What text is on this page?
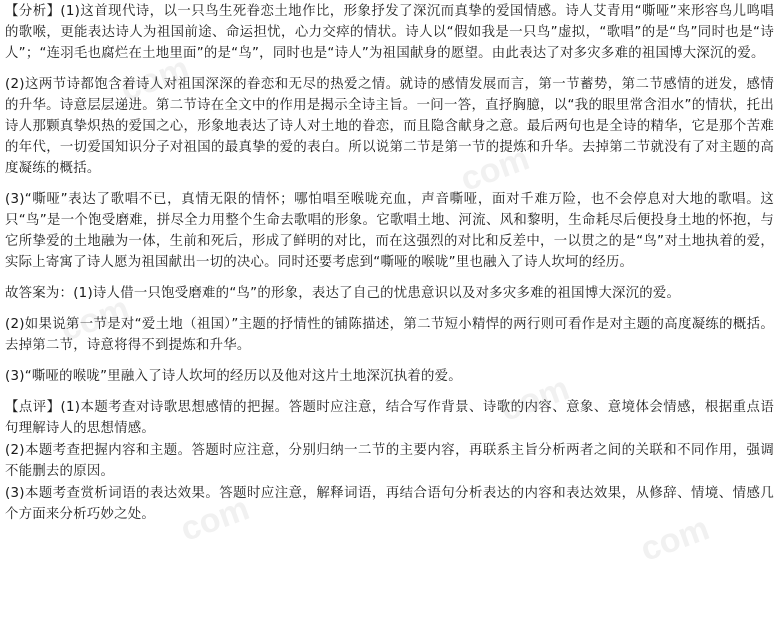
com
com
com
com
com	com

【分析】(1)这首现代诗，以一只鸟生死眷恋土地作比，形象抒发了深沉而真挚的爱国情感。诗人艾青用“嘶哑”来形容鸟儿鸣唱的歌喉，更能表达诗人为祖国前途、命运担忧，心力交瘁的情状。诗人以“假如我是一只鸟”虚拟，“歌唱”的是“鸟”同时也是“诗人”；“连羽毛也腐烂在土地里面”的是“鸟”，同时也是“诗人”为祖国献身的愿望。由此表达了对多灾多难的祖国博大深沉的爱。

(2)这两节诗都饱含着诗人对祖国深深的眷恋和无尽的热爱之情。就诗的感情发展而言，第一节蓄势，第二节感情的迸发，感情的升华。诗意层层递进。第二节诗在全文中的作用是揭示全诗主旨。一问一答，直抒胸臆，以“我的眼里常含泪水”的情状，托出诗人那颗真挚炽热的爱国之心，形象地表达了诗人对土地的眷恋，而且隐含献身之意。最后两句也是全诗的精华，它是那个苦难的年代，一切爱国知识分子对祖国的最真挚的爱的表白。所以说第二节是第一节的提炼和升华。去掉第二节就没有了对主题的高度凝练的概括。

(3)“嘶哑”表达了歌唱不已，真情无限的情怀；哪怕唱至喉咙充血，声音嘶哑，面对千难万险，也不会停息对大地的歌唱。这只“鸟”是一个饱受磨难，拼尽全力用整个生命去歌唱的形象。它歌唱土地、河流、风和黎明，生命耗尽后便投身土地的怀抱，与它所挚爱的土地融为一体，生前和死后，形成了鲜明的对比，而在这强烈的对比和反差中，一以贯之的是“鸟”对土地执着的爱，实际上寄寓了诗人愿为祖国献出一切的决心。同时还要考虑到“嘶哑的喉咙”里也融入了诗人坎坷的经历。

故答案为：(1)诗人借一只饱受磨难的“鸟”的形象，表达了自己的忧患意识以及对多灾多难的祖国博大深沉的爱。

(2)如果说第一节是对“爱土地（祖国）”主题的抒情性的铺陈描述，第二节短小精悍的两行则可看作是对主题的高度凝练的概括。去掉第二节，诗意将得不到提炼和升华。

(3)“嘶哑的喉咙”里融入了诗人坎坷的经历以及他对这片土地深沉执着的爱。

【点评】(1)本题考查对诗歌思想感情的把握。答题时应注意，结合写作背景、诗歌的内容、意象、意境体会情感，根据重点语句理解诗人的思想情感。

(2)本题考查把握内容和主题。答题时应注意，分别归纳一二节的主要内容，再联系主旨分析两者之间的关联和不同作用，强调不能删去的原因。

(3)本题考查赏析词语的表达效果。答题时应注意，解释词语，再结合语句分析表达的内容和表达效果，从修辞、情境、情感几个方面来分析巧妙之处。
